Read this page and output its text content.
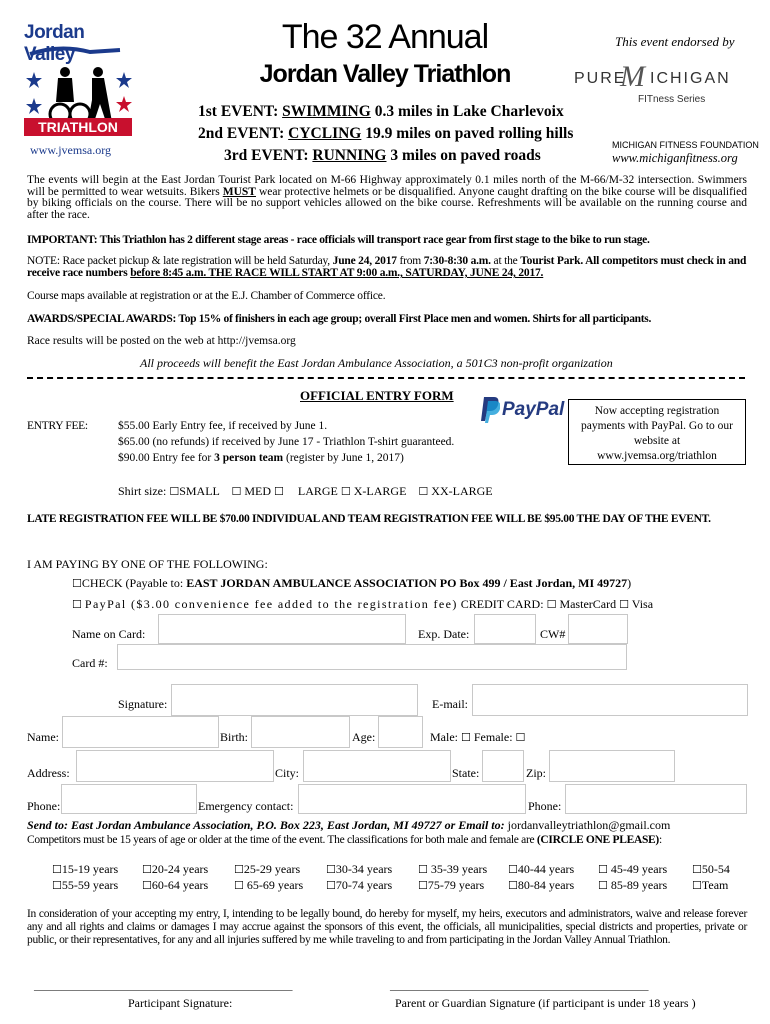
Jordan Valley
TRIATHLON
www.jvemsa.org
The 32 Annual
Jordan Valley Triathlon
1st EVENT: SWIMMING 0.3 miles in Lake Charlevoix
2nd EVENT: CYCLING 19.9 miles on paved rolling hills
3rd EVENT: RUNNING 3 miles on paved roads
This event endorsed by
PURE
M ICHIGAN
FITness Series
MICHIGAN FITNESS FOUNDATION
www.michiganfitness.org
The events will begin at the East Jordan Tourist Park located on M-66 Highway approximately 0.1 miles north of the M-66/M-32 intersection. Swimmers will be permitted to wear wetsuits. Bikers MUST wear protective helmets or be disqualified. Anyone caught drafting on the bike course will be disqualified by biking officials on the course. There will be no support vehicles allowed on the bike course. Refreshments will be available on the running course and after the race.
IMPORTANT: This Triathlon has 2 different stage areas - race officials will transport race gear from first stage to the bike to run stage.
NOTE: Race packet pickup & late registration will be held Saturday, June 24, 2017 from 7:30-8:30 a.m. at the Tourist Park. All competitors must check in and receive race numbers before 8:45 a.m. THE RACE WILL START AT 9:00 a.m., SATURDAY, JUNE 24, 2017.
Course maps available at registration or at the E.J. Chamber of Commerce office.
AWARDS/SPECIAL AWARDS: Top 15% of finishers in each age group; overall First Place men and women. Shirts for all participants.
Race results will be posted on the web at http://jvemsa.org
All proceeds will benefit the East Jordan Ambulance Association, a 501C3 non-profit organization
OFFICIAL ENTRY FORM
PayPal	Now accepting registration payments with PayPal. Go to our website at www.jvemsa.org/triathlon
ENTRY FEE:	$55.00 Early Entry fee, if received by June 1.
$65.00 (no refunds) if received by June 17 - Triathlon T-shirt guaranteed.
$90.00 Entry fee for 3 person team (register by June 1, 2017)
Shirt size: ☐SMALL ☐ MED ☐ LARGE ☐ X-LARGE ☐ XX-LARGE
LATE REGISTRATION FEE WILL BE $70.00 INDIVIDUAL AND TEAM REGISTRATION FEE WILL BE $95.00 THE DAY OF THE EVENT.
I AM PAYING BY ONE OF THE FOLLOWING:
☐CHECK (Payable to: EAST JORDAN AMBULANCE ASSOCIATION PO Box 499 / East Jordan, MI 49727)
☐ PayPal ($3.00 convenience fee added to the registration fee) CREDIT CARD: ☐ MasterCard ☐ Visa
Name on Card:	Exp. Date:	CW#
Card #:
Signature:	E-mail:
Name:	Birth:	Age:	Male: ☐ Female: ☐
Address:	City:	State:	Zip:
Phone:	Emergency contact:	Phone:
Send to: East Jordan Ambulance Association, P.O. Box 223, East Jordan, MI 49727 or Email to: jordanvalleytriathlon@gmail.com
Competitors must be 15 years of age or older at the time of the event. The classifications for both male and female are (CIRCLE ONE PLEASE):
☐15-19 years ☐20-24 years ☐25-29 years ☐30-34 years ☐ 35-39 years ☐40-44 years ☐ 45-49 years ☐50-54
☐55-59 years ☐60-64 years ☐ 65-69 years ☐70-74 years ☐75-79 years ☐80-84 years ☐ 85-89 years ☐Team
In consideration of your accepting my entry, I, intending to be legally bound, do hereby for myself, my heirs, executors and administrators, waive and release forever any and all rights and claims or damages I may accrue against the sponsors of this event, the officials, all municipalities, special districts and properties, private or public, or their representatives, for any and all injuries suffered by me while traveling to and from participating in the Jordan Valley Annual Triathlon.
_______________________________________________	_______________________________________________
Participant Signature:	Parent or Guardian Signature (if participant is under 18 years )
